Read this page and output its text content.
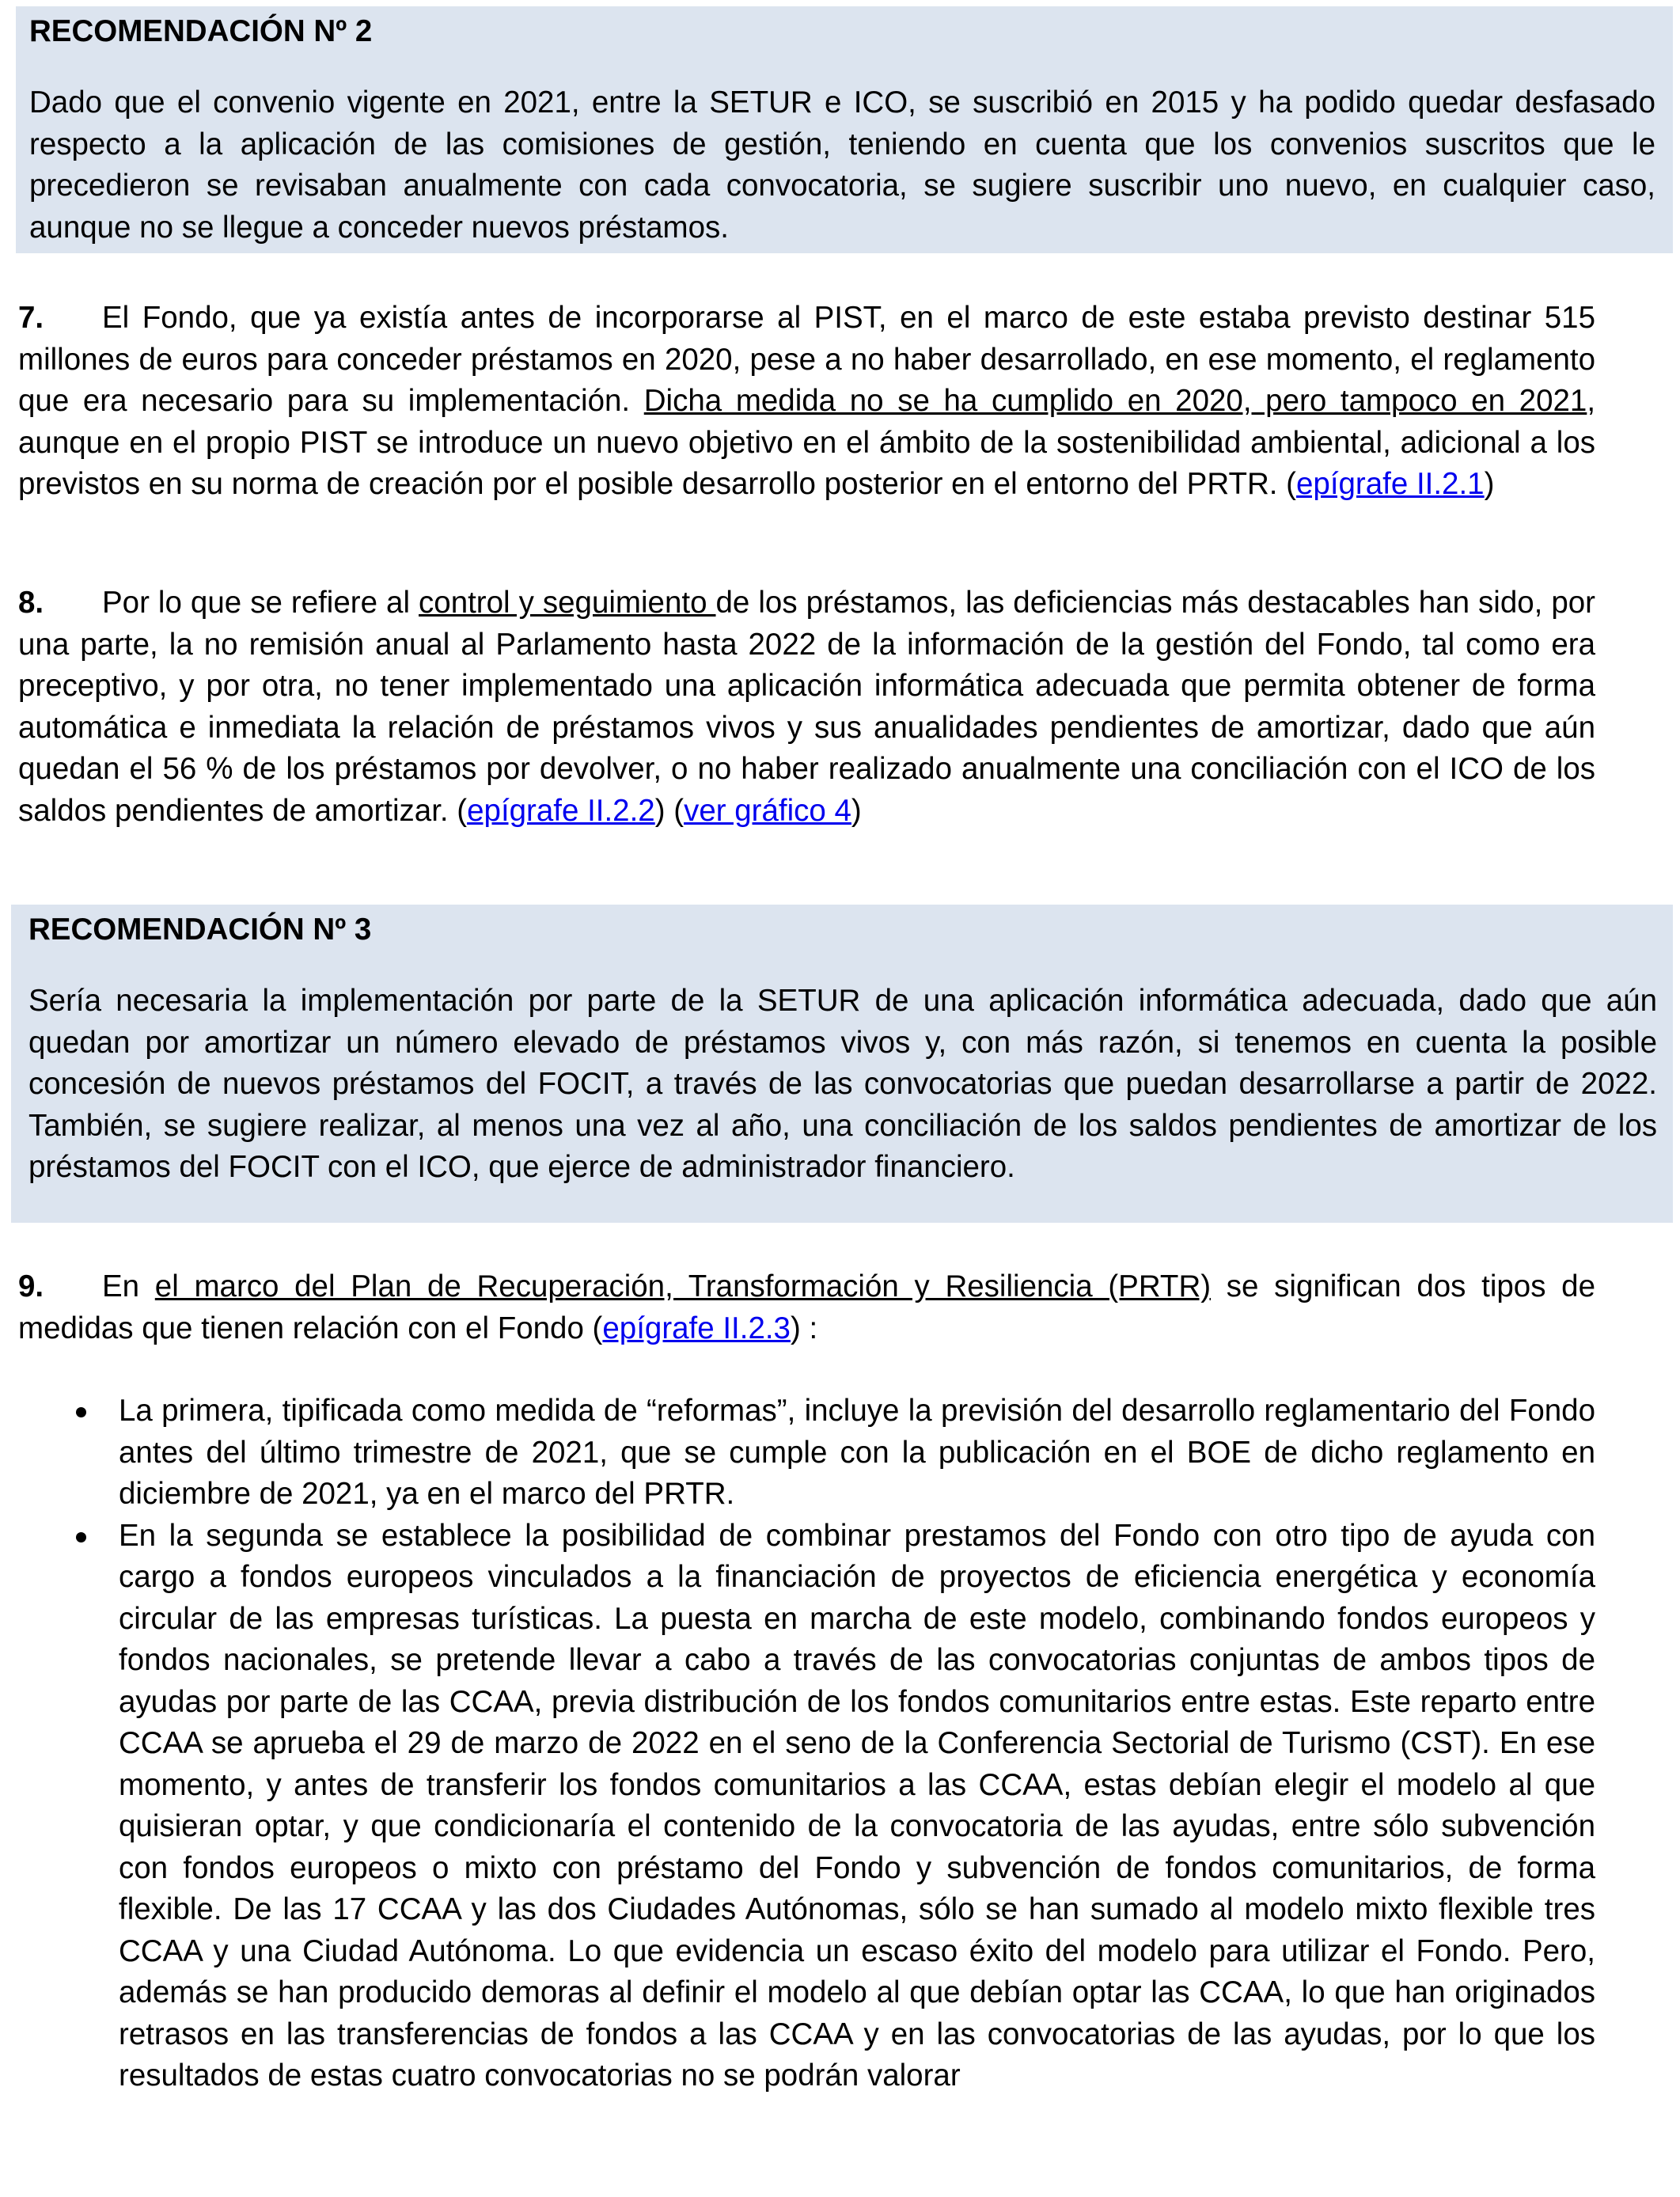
RECOMENDACIÓN Nº 2
Dado que el convenio vigente en 2021, entre la SETUR e ICO, se suscribió en 2015 y ha podido quedar desfasado respecto a la aplicación de las comisiones de gestión, teniendo en cuenta que los convenios suscritos que le precedieron se revisaban anualmente con cada convocatoria, se sugiere suscribir uno nuevo, en cualquier caso, aunque no se llegue a conceder nuevos préstamos.
7. El Fondo, que ya existía antes de incorporarse al PIST, en el marco de este estaba previsto destinar 515 millones de euros para conceder préstamos en 2020, pese a no haber desarrollado, en ese momento, el reglamento que era necesario para su implementación. Dicha medida no se ha cumplido en 2020, pero tampoco en 2021, aunque en el propio PIST se introduce un nuevo objetivo en el ámbito de la sostenibilidad ambiental, adicional a los previstos en su norma de creación por el posible desarrollo posterior en el entorno del PRTR. (epígrafe II.2.1)
8. Por lo que se refiere al control y seguimiento de los préstamos, las deficiencias más destacables han sido, por una parte, la no remisión anual al Parlamento hasta 2022 de la información de la gestión del Fondo, tal como era preceptivo, y por otra, no tener implementado una aplicación informática adecuada que permita obtener de forma automática e inmediata la relación de préstamos vivos y sus anualidades pendientes de amortizar, dado que aún quedan el 56 % de los préstamos por devolver, o no haber realizado anualmente una conciliación con el ICO de los saldos pendientes de amortizar. (epígrafe II.2.2) (ver gráfico 4)
RECOMENDACIÓN Nº 3
Sería necesaria la implementación por parte de la SETUR de una aplicación informática adecuada, dado que aún quedan por amortizar un número elevado de préstamos vivos y, con más razón, si tenemos en cuenta la posible concesión de nuevos préstamos del FOCIT, a través de las convocatorias que puedan desarrollarse a partir de 2022. También, se sugiere realizar, al menos una vez al año, una conciliación de los saldos pendientes de amortizar de los préstamos del FOCIT con el ICO, que ejerce de administrador financiero.
9. En el marco del Plan de Recuperación, Transformación y Resiliencia (PRTR) se significan dos tipos de medidas que tienen relación con el Fondo (epígrafe II.2.3) :
La primera, tipificada como medida de “reformas”, incluye la previsión del desarrollo reglamentario del Fondo antes del último trimestre de 2021, que se cumple con la publicación en el BOE de dicho reglamento en diciembre de 2021, ya en el marco del PRTR.
En la segunda se establece la posibilidad de combinar prestamos del Fondo con otro tipo de ayuda con cargo a fondos europeos vinculados a la financiación de proyectos de eficiencia energética y economía circular de las empresas turísticas. La puesta en marcha de este modelo, combinando fondos europeos y fondos nacionales, se pretende llevar a cabo a través de las convocatorias conjuntas de ambos tipos de ayudas por parte de las CCAA, previa distribución de los fondos comunitarios entre estas. Este reparto entre CCAA se aprueba el 29 de marzo de 2022 en el seno de la Conferencia Sectorial de Turismo (CST). En ese momento, y antes de transferir los fondos comunitarios a las CCAA, estas debían elegir el modelo al que quisieran optar, y que condicionaría el contenido de la convocatoria de las ayudas, entre sólo subvención con fondos europeos o mixto con préstamo del Fondo y subvención de fondos comunitarios, de forma flexible. De las 17 CCAA y las dos Ciudades Autónomas, sólo se han sumado al modelo mixto flexible tres CCAA y una Ciudad Autónoma. Lo que evidencia un escaso éxito del modelo para utilizar el Fondo. Pero, además se han producido demoras al definir el modelo al que debían optar las CCAA, lo que han originados retrasos en las transferencias de fondos a las CCAA y en las convocatorias de las ayudas, por lo que los resultados de estas cuatro convocatorias no se podrán valorar
